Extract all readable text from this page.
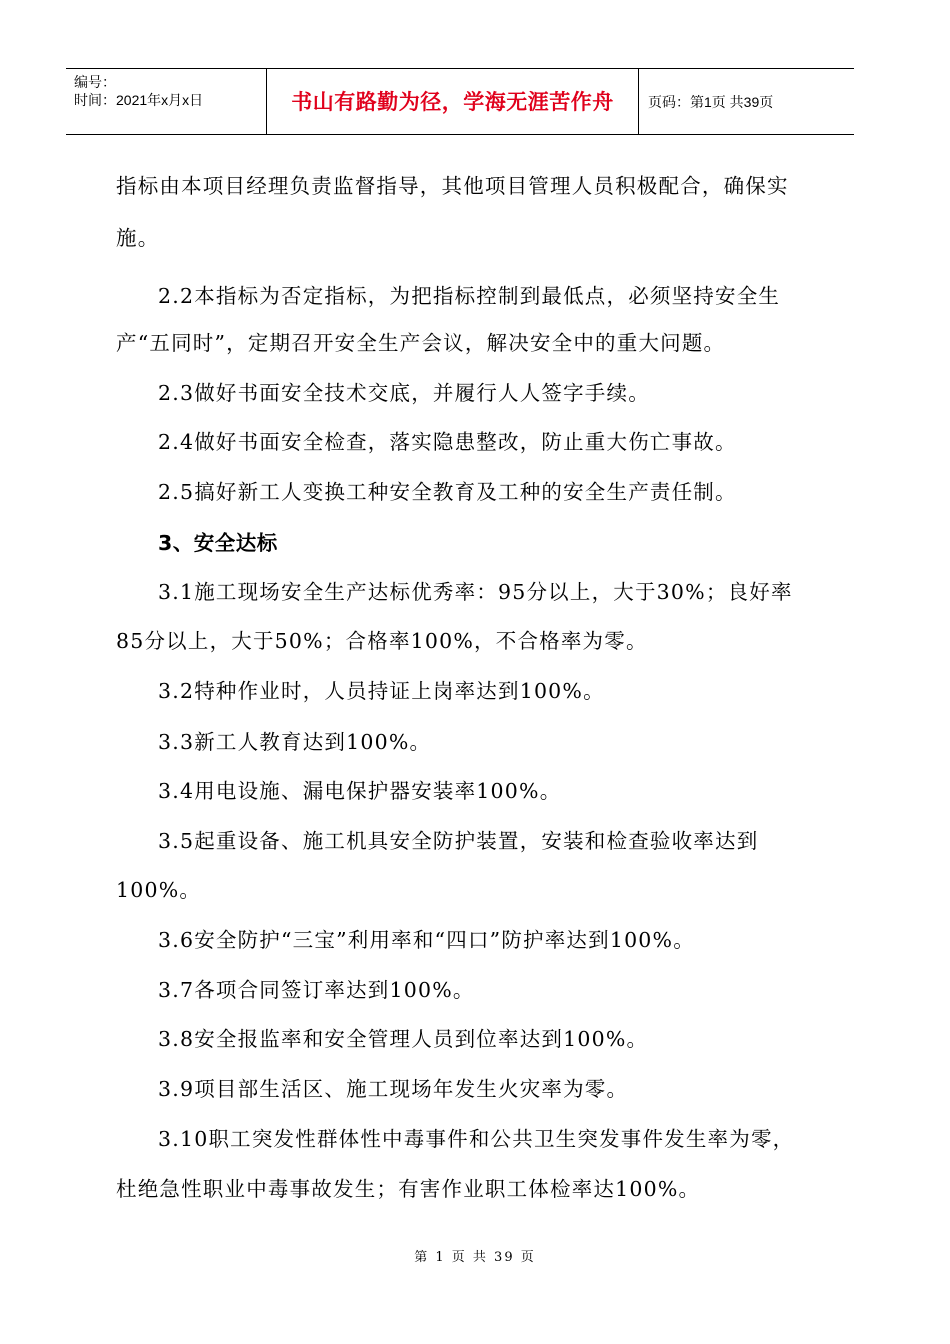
编号：
时间：2021年x月x日	书山有路勤为径，学海无涯苦作舟	页码：第1页 共39页
指标由本项目经理负责监督指导，其他项目管理人员积极配合，确保实
施。
2.2本指标为否定指标，为把指标控制到最低点，必须坚持安全生
产“五同时”，定期召开安全生产会议，解决安全中的重大问题。
2.3做好书面安全技术交底，并履行人人签字手续。
2.4做好书面安全检查，落实隐患整改，防止重大伤亡事故。
2.5搞好新工人变换工种安全教育及工种的安全生产责任制。
3、安全达标
3.1施工现场安全生产达标优秀率：95分以上，大于30%；良好率
85分以上，大于50%；合格率100%，不合格率为零。
3.2特种作业时，人员持证上岗率达到100%。
3.3新工人教育达到100%。
3.4用电设施、漏电保护器安装率100%。
3.5起重设备、施工机具安全防护装置，安装和检查验收率达到
100%。
3.6安全防护“三宝”利用率和“四口”防护率达到100%。
3.7各项合同签订率达到100%。
3.8安全报监率和安全管理人员到位率达到100%。
3.9项目部生活区、施工现场年发生火灾率为零。
3.10职工突发性群体性中毒事件和公共卫生突发事件发生率为零，
杜绝急性职业中毒事故发生；有害作业职工体检率达100%。
第 1 页 共 39 页
